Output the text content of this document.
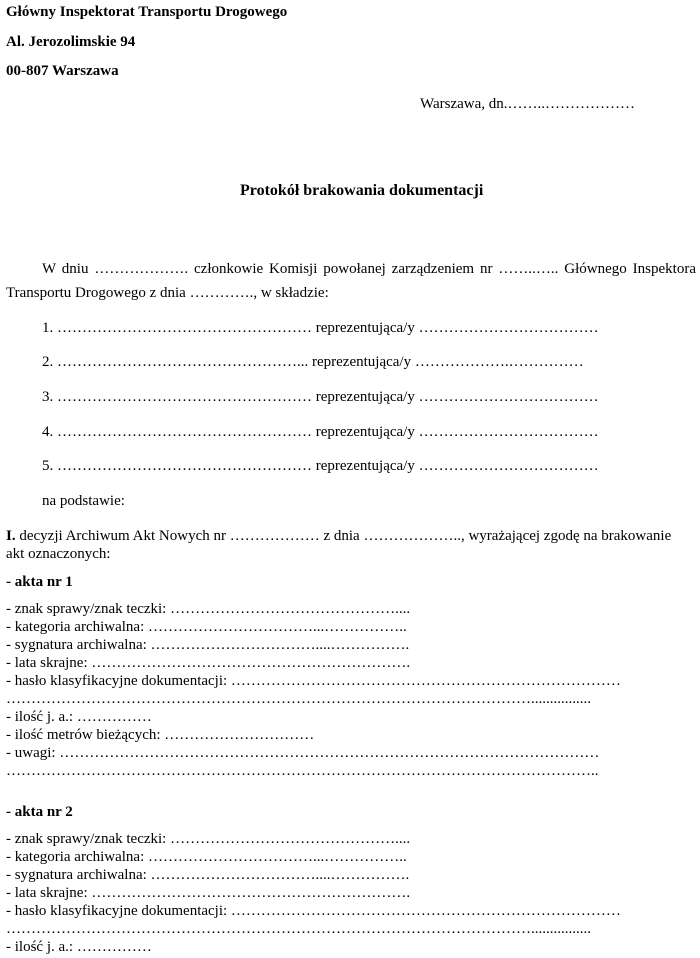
Główny Inspektorat Transportu Drogowego
Al. Jerozolimskie 94
00-807 Warszawa
Warszawa, dn.……..………………
Protokół brakowania dokumentacji
W dniu ………………. członkowie Komisji powołanej zarządzeniem nr ……..….. Głównego Inspektora
Transportu Drogowego z dnia …………., w składzie:
1. …………………………………………… reprezentująca/y ………………………………
2. …………………………………………... reprezentująca/y ……………….……………
3. …………………………………………… reprezentująca/y ………………………………
4. …………………………………………… reprezentująca/y ………………………………
5. …………………………………………… reprezentująca/y ………………………………
na podstawie:
I. decyzji Archiwum Akt Nowych nr ……………… z dnia ……………….., wyrażającej zgodę na brakowanie
akt oznaczonych:
- akta nr 1
- znak sprawy/znak teczki: ………………………………………....
- kategoria archiwalna: ……………………………...……………..
- sygnatura archiwalna: ……………………………....…………….
- lata skrajne: ……………………………………………………….
- hasło klasyfikacyjne dokumentacji: ……………………………………………………………………
……………………………………………………………………………………………................
- ilość j. a.: ……………
- ilość metrów bieżących: …………………………
- uwagi: ………………………………………………………………………………………………
………………………………………………………………………………………………………..
- akta nr 2
- znak sprawy/znak teczki: ………………………………………....
- kategoria archiwalna: ……………………………...……………..
- sygnatura archiwalna: ……………………………....…………….
- lata skrajne: ……………………………………………………….
- hasło klasyfikacyjne dokumentacji: ……………………………………………………………………
……………………………………………………………………………………………................
- ilość j. a.: ……………
